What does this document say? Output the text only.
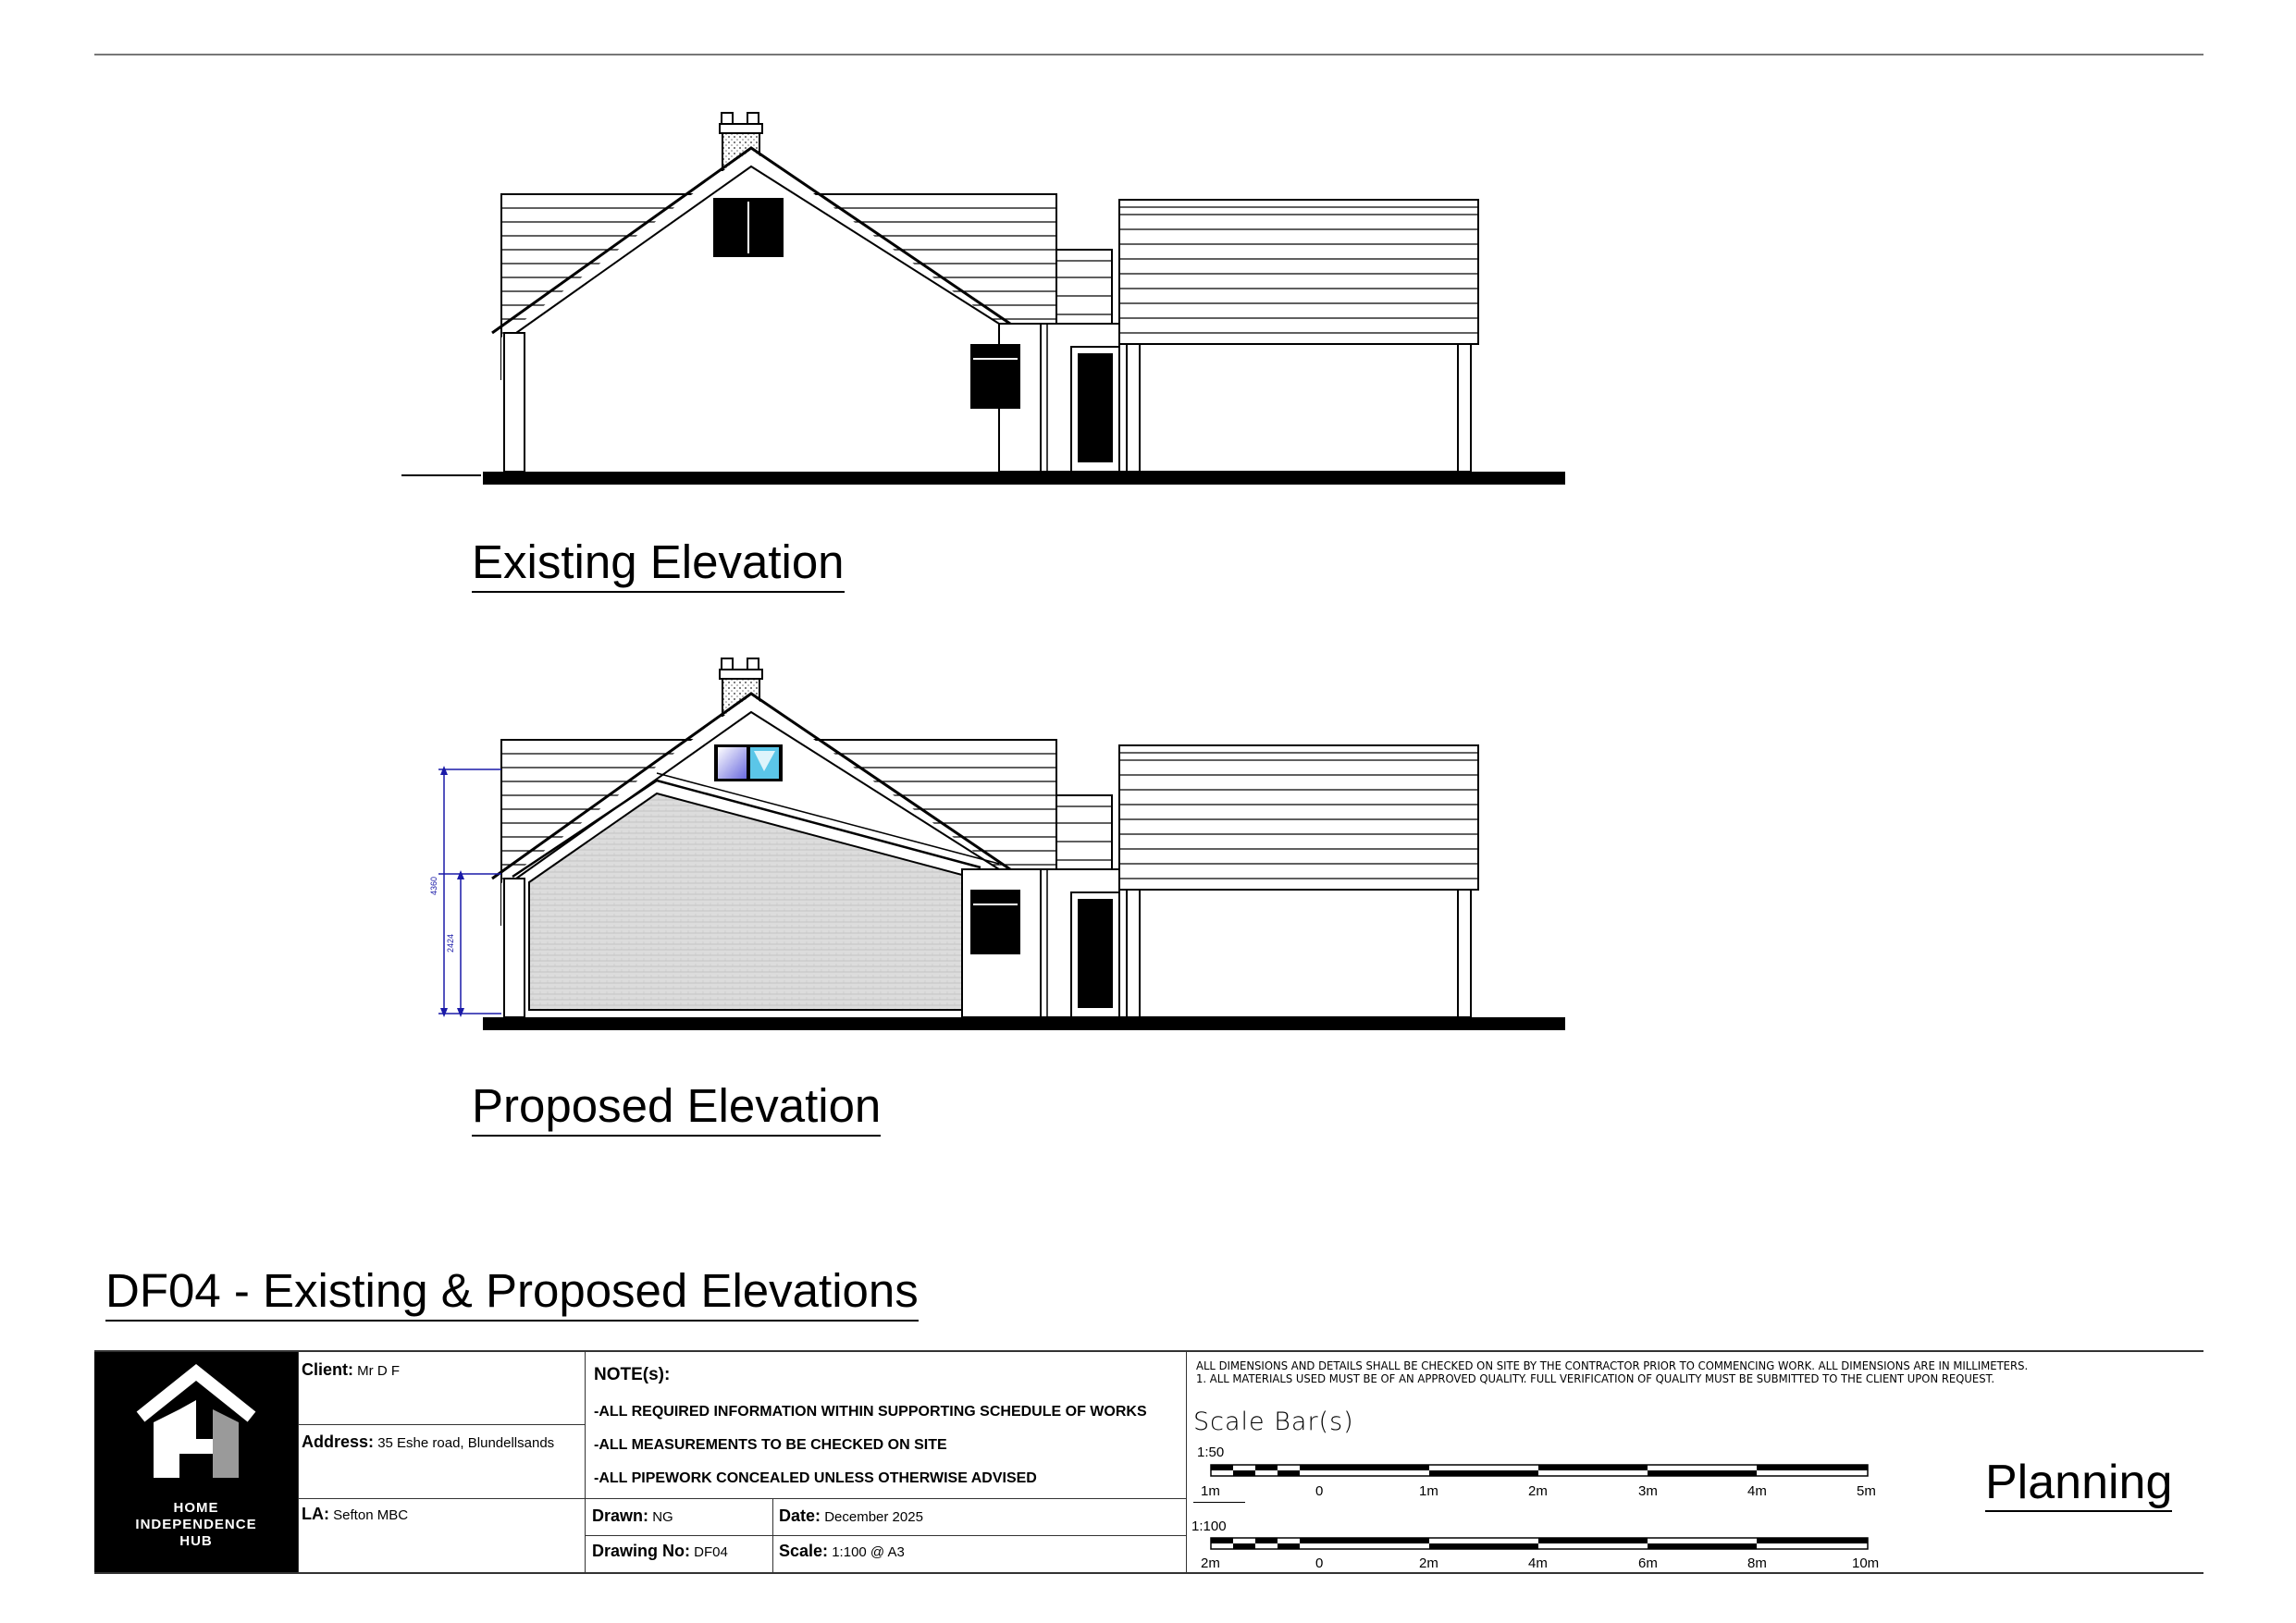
Existing Elevation
4360
2424
Proposed Elevation
DF04 - Existing & Proposed Elevations
HOME
INDEPENDENCE
HUB
Client: Mr D F
Address: 35 Eshe road, Blundellsands
LA: Sefton MBC
NOTE(s):
-ALL REQUIRED INFORMATION WITHIN SUPPORTING SCHEDULE OF WORKS
-ALL MEASUREMENTS TO BE CHECKED ON SITE
-ALL PIPEWORK CONCEALED UNLESS OTHERWISE ADVISED
Drawn: NG	Date: December 2025
Drawing No: DF04	Scale: 1:100 @ A3
ALL DIMENSIONS AND DETAILS SHALL BE CHECKED ON SITE BY THE CONTRACTOR PRIOR TO COMMENCING WORK. ALL DIMENSIONS ARE IN MILLIMETERS.
1. ALL MATERIALS USED MUST BE OF AN APPROVED QUALITY. FULL VERIFICATION OF QUALITY MUST BE SUBMITTED TO THE CLIENT UPON REQUEST.
Scale Bar(s)
1:50
1m	0	1m	2m	3m	4m	5m
1:100
2m	0	2m	4m	6m	8m	10m
Planning
